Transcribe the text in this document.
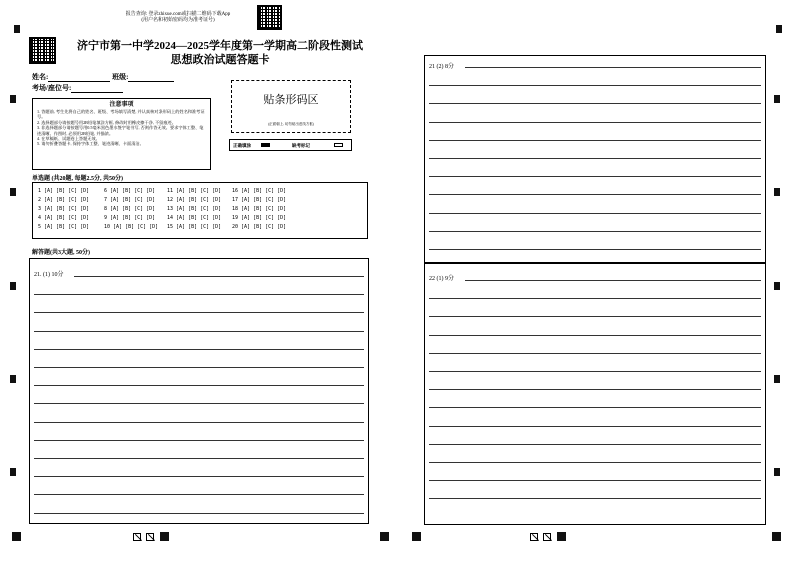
报告查询: 登录zhixue.com或扫描二维码下载App
(用户名和初始密码均为准考证号)
济宁市第一中学2024—2025学年度第一学期高二阶段性测试
思想政治试题答题卡
姓名:	班级:
考场/座位号:
注意事项
1. 答题前, 考生先将自己的姓名、班级、考场填写清楚, 并认真核对条形码上的姓名和准考证号。
2. 选择题部分请按题号用2B铅笔填涂方框, 修改时用橡皮擦干净, 不留痕迹。
3. 非选择题部分请按题号用0.5毫米黑色墨水签字笔书写, 否则作答无效。要求字体工整、笔迹清晰。作图时, 必须用2B铅笔, 并描浓。
4. 在草稿纸、试题卷上答题无效。
5. 请勿折叠答题卡, 保持字体工整、笔迹清晰、卡面清洁。
贴条形码区
(正面朝上, 切勿贴出虚线方框)
正确填涂	缺考标记
单选题 (共20题, 每题2.5分, 共50分)
1 [A] [B] [C] [D]
2 [A] [B] [C] [D]
3 [A] [B] [C] [D]
4 [A] [B] [C] [D]
5 [A] [B] [C] [D]
6 [A] [B] [C] [D]
7 [A] [B] [C] [D]
8 [A] [B] [C] [D]
9 [A] [B] [C] [D]
10 [A] [B] [C] [D]
11 [A] [B] [C] [D]
12 [A] [B] [C] [D]
13 [A] [B] [C] [D]
14 [A] [B] [C] [D]
15 [A] [B] [C] [D]
16 [A] [B] [C] [D]
17 [A] [B] [C] [D]
18 [A] [B] [C] [D]
19 [A] [B] [C] [D]
20 [A] [B] [C] [D]
解答题(共3大题, 50分)
21. (1) 10分
21 (2) 8分
22 (1) 9分
